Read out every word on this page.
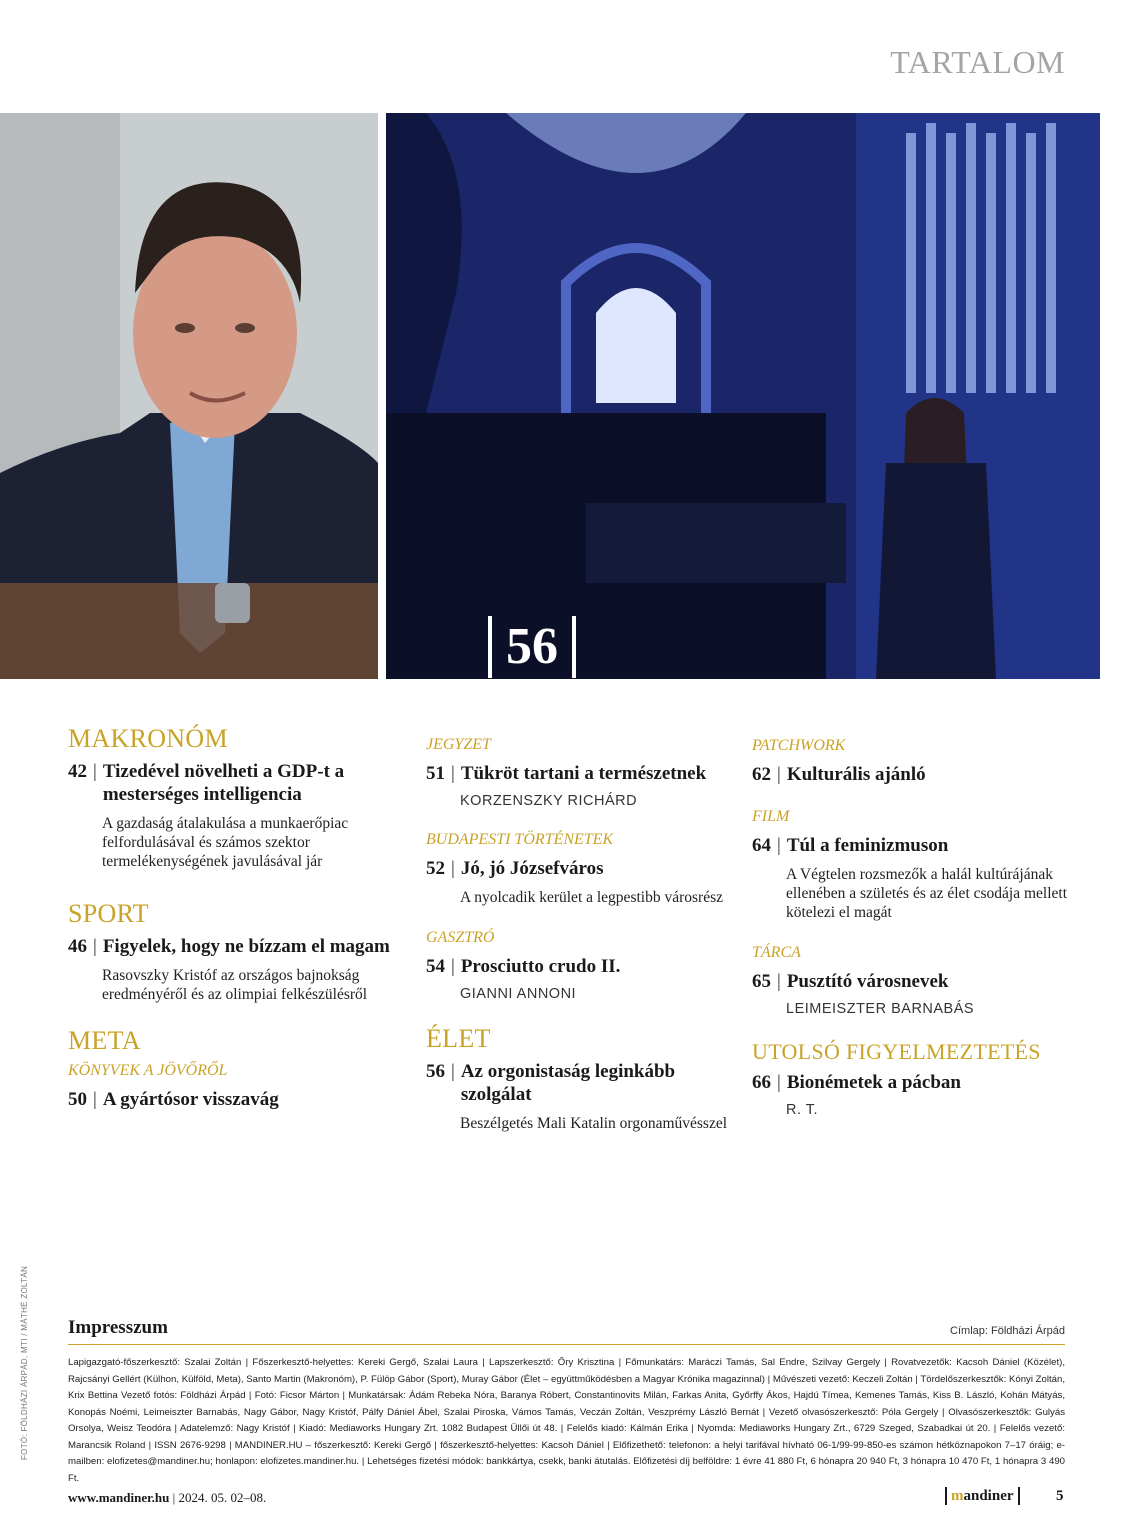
TARTALOM
56
MAKRONÓM
42 | Tizedével növelheti a GDP-t a mesterséges intelligencia
A gazdaság átalakulása a munkaerőpiac felfordulásával és számos szektor termelékenységének javulásával jár
SPORT
46 | Figyelek, hogy ne bízzam el magam
Rasovszky Kristóf az országos bajnokság eredményéről és az olimpiai felkészülésről
META
KÖNYVEK A JÖVŐRŐL
50 | A gyártósor visszavág
JEGYZET
51 | Tükröt tartani a természetnek
KORZENSZKY RICHÁRD
BUDAPESTI TÖRTÉNETEK
52 | Jó, jó Józsefváros
A nyolcadik kerület a legpestibb városrész
GASZTRÓ
54 | Prosciutto crudo II.
GIANNI ANNONI
ÉLET
56 | Az orgonistaság leginkább szolgálat
Beszélgetés Mali Katalin orgonaművésszel
PATCHWORK
62 | Kulturális ajánló
FILM
64 | Túl a feminizmuson
A Végtelen rozsmezők a halál kultúrájának ellenében a születés és az élet csodája mellett kötelezi el magát
TÁRCA
65 | Pusztító városnevek
LEIMEISZTER BARNABÁS
UTOLSÓ FIGYELMEZTETÉS
66 | Bionémetek a pácban
R. T.
FOTÓ: FÖLDHÁZI ÁRPÁD, MTI / MÁTHÉ ZOLTÁN Impresszum	Címlap: Földházi Árpád
Lapigazgató-főszerkesztő: Szalai Zoltán | Főszerkesztő-helyettes: Kereki Gergő, Szalai Laura | Lapszerkesztő: Őry Krisztina | Főmunkatárs: Maráczi Tamás, Sal Endre, Szilvay Gergely | Rovatvezetők: Kacsoh Dániel (Közélet), Rajcsányi Gellért (Külhon, Külföld, Meta), Santo Martin (Makronóm), P. Fülöp Gábor (Sport), Muray Gábor (Élet – együttműködésben a Magyar Krónika magazinnal) | Művészeti vezető: Keczeli Zoltán | Tördelőszerkesztők: Kónyi Zoltán, Krix Bettina Vezető fotós: Földházi Árpád | Fotó: Ficsor Márton | Munkatársak: Ádám Rebeka Nóra, Baranya Róbert, Constantinovits Milán, Farkas Anita, Győrffy Ákos, Hajdú Tímea, Kemenes Tamás, Kiss B. László, Kohán Mátyás, Konopás Noémi, Leimeiszter Barnabás, Nagy Gábor, Nagy Kristóf, Pálfy Dániel Ábel, Szalai Piroska, Vámos Tamás, Veczán Zoltán, Veszprémy László Bernát | Vezető olvasószerkesztő: Póla Gergely | Olvasószerkesztők: Gulyás Orsolya, Weisz Teodóra | Adatelemző: Nagy Kristóf | Kiadó: Mediaworks Hungary Zrt. 1082 Budapest Üllői út 48. | Felelős kiadó: Kálmán Erika | Nyomda: Mediaworks Hungary Zrt., 6729 Szeged, Szabadkai út 20. | Felelős vezető: Marancsik Roland | ISSN 2676-9298 | MANDINER.HU – főszerkesztő: Kereki Gergő | főszerkesztő-helyettes: Kacsoh Dániel | Előfizethető: telefonon: a helyi tarifával hívható 06-1/99-99-850-es számon hétköznapokon 7–17 óráig; e-mailben: elofizetes@mandiner.hu; honlapon: elofizetes.mandiner.hu. | Lehetséges fizetési módok: bankkártya, csekk, banki átutalás. Előfizetési díj belföldre: 1 évre 41 880 Ft, 6 hónapra 20 940 Ft, 3 hónapra 10 470 Ft, 1 hónapra 3 490 Ft.
www.mandiner.hu | 2024. 05. 02–08.	mandiner	5
